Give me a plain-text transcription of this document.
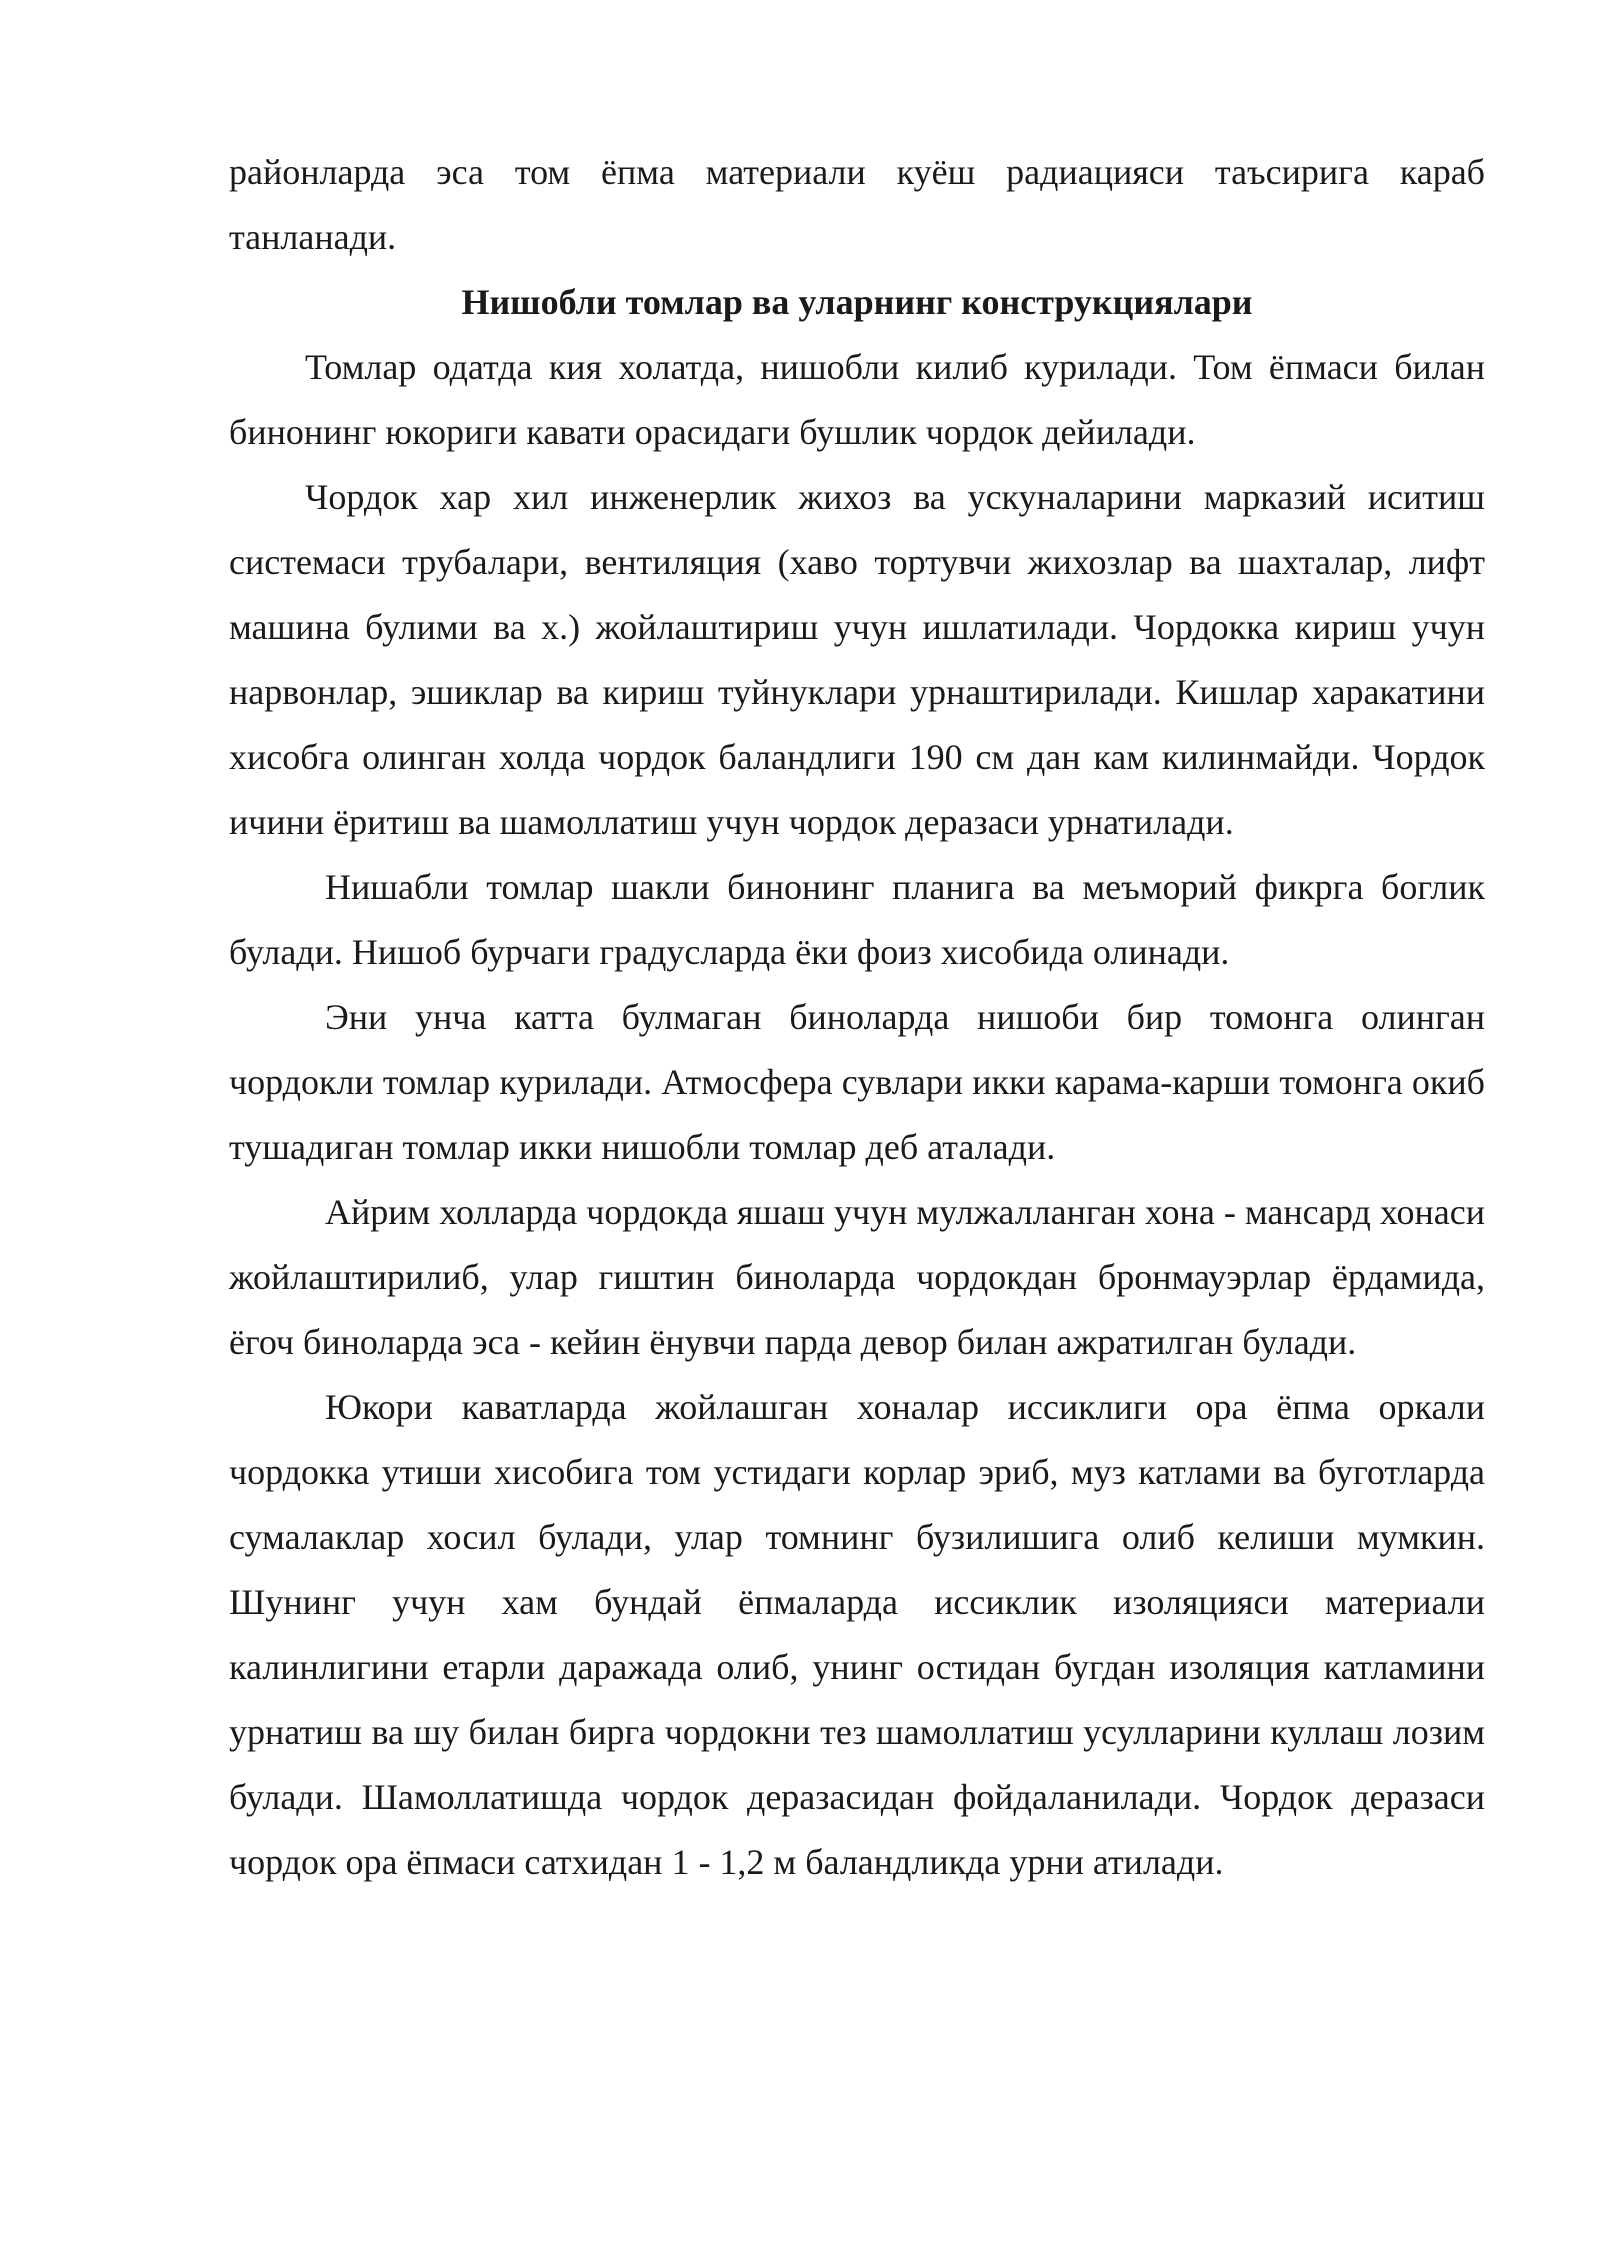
районларда эса том ёпма материали куёш радиацияси таъсирига караб танланади.

Нишобли томлар ва уларнинг конструкциялари

Томлар одатда кия холатда, нишобли килиб курилади. Том ёпмаси билан бинонинг юкориги кавати орасидаги бушлик чордок дейилади.

Чордок хар хил инженерлик жихоз ва ускуналарини марказий иситиш системаси трубалари, вентиляция (хаво тортувчи жихозлар ва шахталар, лифт машина булими ва х.) жойлаштириш учун ишлатилади. Чордокка кириш учун нарвонлар, эшиклар ва кириш туйнуклари урнаштирилади. Кишлар харакатини хисобга олинган холда чордок баландлиги 190 см дан кам килинмайди. Чордок ичини ёритиш ва шамоллатиш учун чордок деразаси урнатилади.

Нишабли томлар шакли бинонинг планига ва меъморий фикрга боглик булади. Нишоб бурчаги градусларда ёки фоиз хисобида олинади.

Эни унча катта булмаган биноларда нишоби бир томонга олинган чордокли томлар курилади. Атмосфера сувлари икки карама-карши томонга окиб тушадиган томлар икки нишобли томлар деб аталади.

Айрим холларда чордокда яшаш учун мулжалланган хона - мансард хонаси жойлаштирилиб, улар гиштин биноларда чордокдан бронмауэрлар ёрдамида, ёгоч биноларда эса - кейин ёнувчи парда девор билан ажратилган булади.

Юкори каватларда жойлашган хоналар иссиклиги ора ёпма оркали чордокка утиши хисобига том устидаги корлар эриб, муз катлами ва буготларда сумалаклар хосил булади, улар томнинг бузилишига олиб келиши мумкин. Шунинг учун хам бундай ёпмаларда иссиклик изоляцияси материали калинлигини етарли даражада олиб, унинг остидан бугдан изоляция катламини урнатиш ва шу билан бирга чордокни тез шамоллатиш усулларини куллаш лозим булади. Шамоллатишда чордок деразасидан фойдаланилади. Чордок деразаси чордок ора ёпмаси сатхидан 1 - 1,2 м баландликда урни атилади.
